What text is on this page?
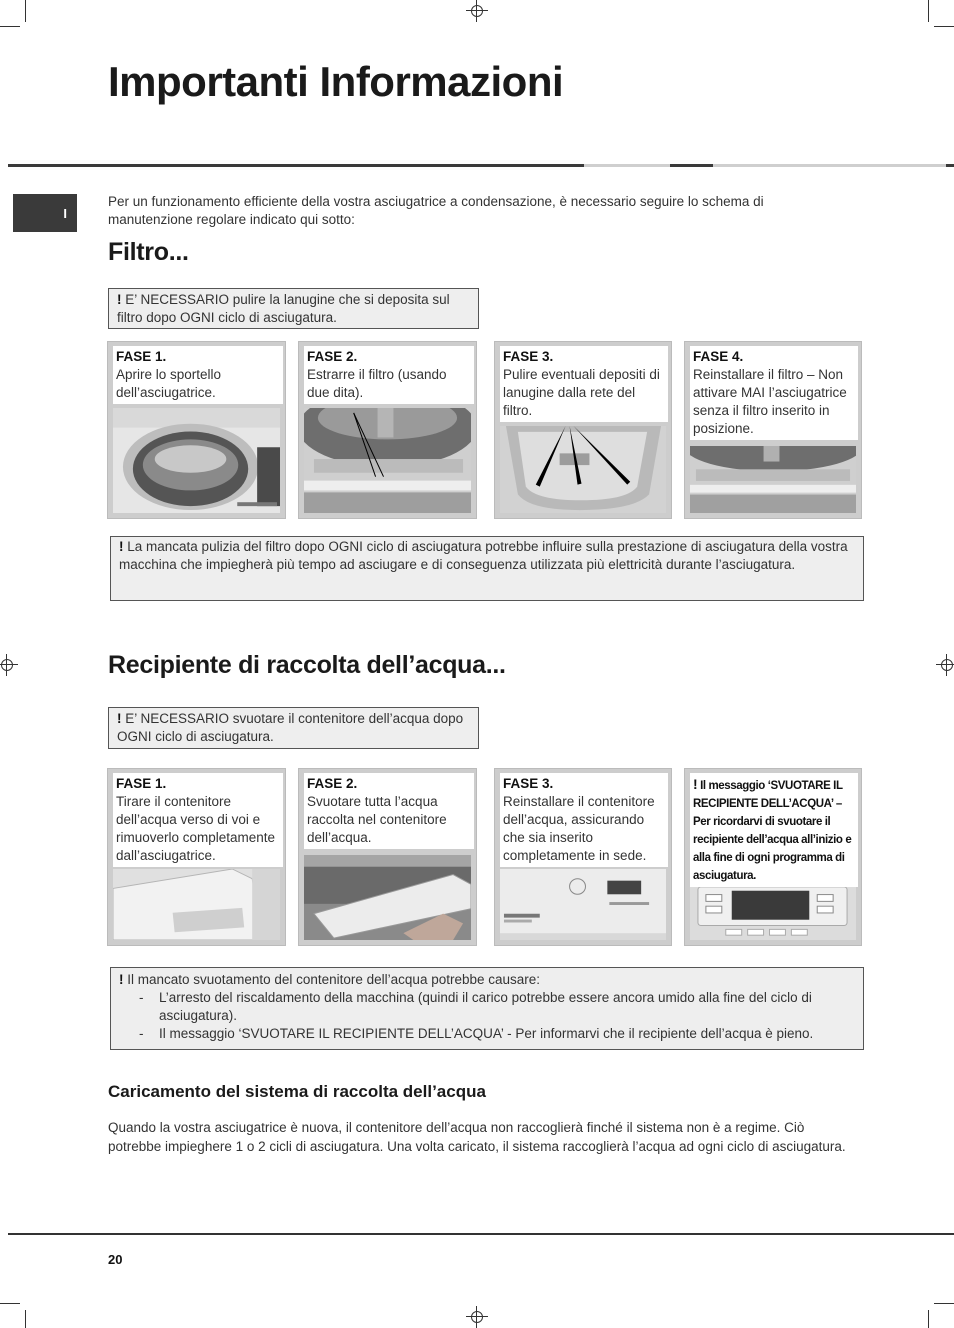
Importanti Informazioni
I

Per un funzionamento efficiente della vostra asciugatrice a condensazione, è necessario seguire lo schema di manutenzione regolare indicato qui sotto:

Filtro...
! E’ NECESSARIO pulire la lanugine che si deposita sul filtro dopo OGNI ciclo di asciugatura.
FASE 1.
Aprire lo sportello dell’asciugatrice.
FASE 2.
Estrarre il filtro (usando due dita).
FASE 3.
Pulire eventuali depositi di lanugine dalla rete del filtro.
FASE 4.
Reinstallare il filtro – Non attivare MAI l’asciugatrice senza il filtro inserito in posizione.
! La mancata pulizia del filtro dopo OGNI ciclo di asciugatura potrebbe influire sulla prestazione di asciugatura della vostra macchina che impiegherà più tempo ad asciugare e di conseguenza utilizzata più elettricità durante l’asciugatura.
Recipiente di raccolta dell’acqua...
! E’ NECESSARIO svuotare il contenitore dell’acqua dopo OGNI ciclo di asciugatura.
FASE 1.
Tirare il contenitore dell’acqua verso di voi e rimuoverlo completamente dall’asciugatrice.
FASE 2.
Svuotare tutta l’acqua raccolta nel contenitore dell’acqua.
FASE 3.
Reinstallare il contenitore dell’acqua, assicurando che sia inserito completamente in sede.
! Il messaggio ‘SVUOTARE IL RECIPIENTE DELL’ACQUA’ – Per ricordarvi di svuotare il recipiente dell’acqua all’inizio e alla fine di ogni programma di asciugatura.
! Il mancato svuotamento del contenitore dell’acqua potrebbe causare:
-	L’arresto del riscaldamento della macchina (quindi il carico potrebbe essere ancora umido alla fine del ciclo di asciugatura).
-	Il messaggio ‘SVUOTARE IL RECIPIENTE DELL’ACQUA’ - Per informarvi che il recipiente dell’acqua è pieno.
Caricamento del sistema di raccolta dell’acqua

Quando la vostra asciugatrice è nuova, il contenitore dell’acqua non raccoglierà finché il sistema non è a regime. Ciò potrebbe impieghere 1 o 2 cicli di asciugatura. Una volta caricato, il sistema raccoglierà l’acqua ad ogni ciclo di asciugatura.

20
